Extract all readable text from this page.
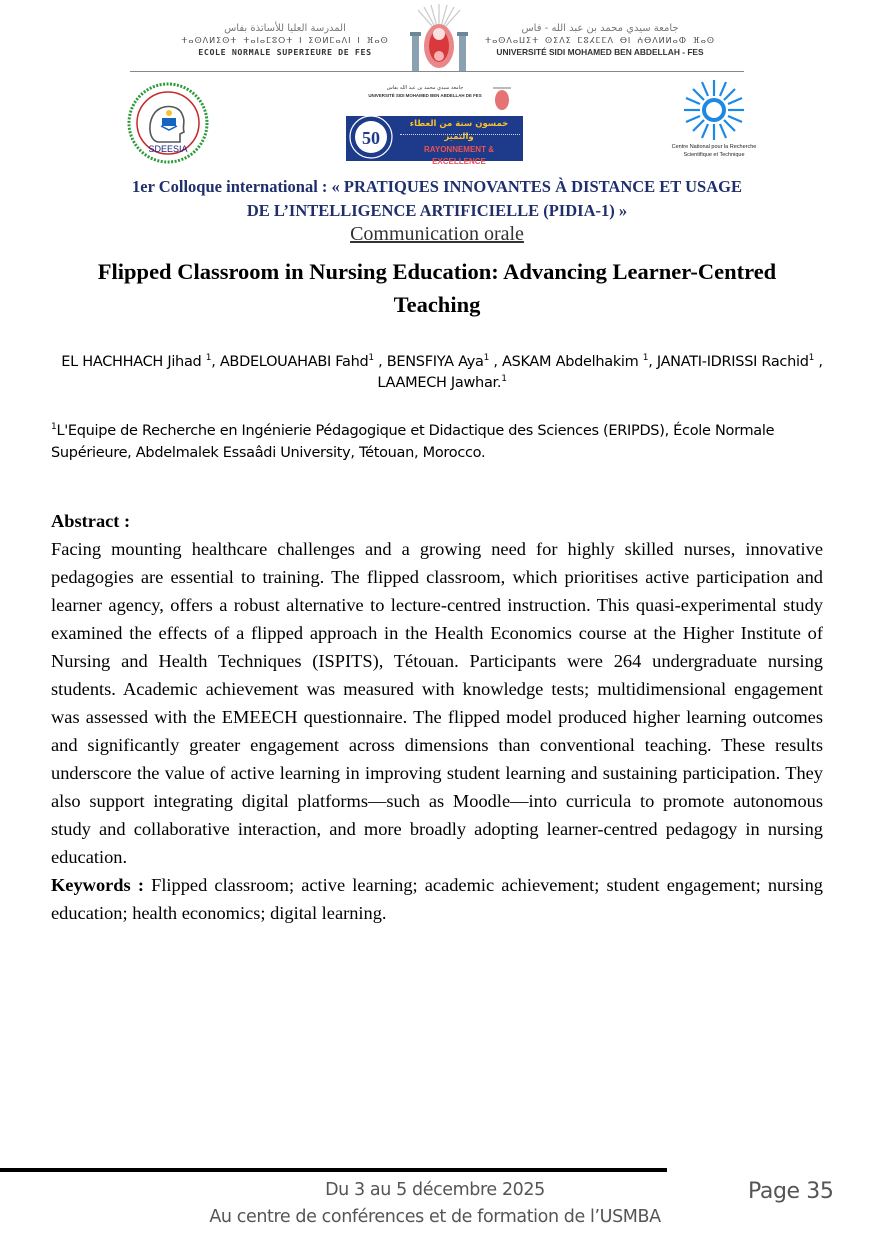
المدرسة العليا للأساتذة بفاس
ⵜⴰⵙⴷⵍⵉⵙⵜ ⵜⴰⵏⴰⵎⵓⵔⵜ ⵏ ⵉⵙⵍⵎⴰⴷⵏ ⵏ ⴼⴰⵙ
ECOLE NORMALE SUPERIEURE DE FES
جامعة سيدي محمد بن عبد الله - فاس
ⵜⴰⵙⴷⴰⵡⵉⵜ ⵙⵉⴷⵉ ⵎⵓⵃⵎⵎⴷ ⴱⵏ ⵄⴱⴷⵍⵍⴰⵀ ⴼⴰⵙ
UNIVERSITÉ SIDI MOHAMED BEN ABDELLAH - FES
SDEESIA
جامعة سيدي محمد بن عبد الله بفاس
UNIVERSITÉ SIDI MOHAMED BEN ABDELLAH DE FES
50
خمسون سنة من العطاء والتميز
RAYONNEMENT & EXCELLENCE
Centre National pour la Recherche
Scientifique et Technique
1er Colloque international : « PRATIQUES INNOVANTES À DISTANCE ET USAGE
DE L’INTELLIGENCE ARTIFICIELLE (PIDIA-1) »
Communication orale
Flipped Classroom in Nursing Education: Advancing Learner-Centred
Teaching
EL HACHHACH Jihad $^1$, ABDELOUAHABI Fahd$^1$ , BENSFIYA Aya$^1$ , ASKAM Abdelhakim $^1$, JANATI-IDRISSI Rachid$^1$ , LAAMECH Jawhar.$^1$
$^1$L'Equipe de Recherche en Ingénierie Pédagogique et Didactique des Sciences (ERIPDS), École Normale Supérieure, Abdelmalek Essaâdi University, Tétouan, Morocco.
Abstract :

Facing mounting healthcare challenges and a growing need for highly skilled nurses, innovative pedagogies are essential to training. The flipped classroom, which prioritises active participation and learner agency, offers a robust alternative to lecture-centred instruction. This quasi-experimental study examined the effects of a flipped approach in the Health Economics course at the Higher Institute of Nursing and Health Techniques (ISPITS), Tétouan. Participants were 264 undergraduate nursing students. Academic achievement was measured with knowledge tests; multidimensional engagement was assessed with the EMEECH questionnaire. The flipped model produced higher learning outcomes and significantly greater engagement across dimensions than conventional teaching. These results underscore the value of active learning in improving student learning and sustaining participation. They also support integrating digital platforms—such as Moodle—into curricula to promote autonomous study and collaborative interaction, and more broadly adopting learner-centred pedagogy in nursing education.

Keywords : Flipped classroom; active learning; academic achievement; student engagement; nursing education; health economics; digital learning.

Du 3 au 5 décembre 2025
Au centre de conférences et de formation de l’USMBA
Page 35
